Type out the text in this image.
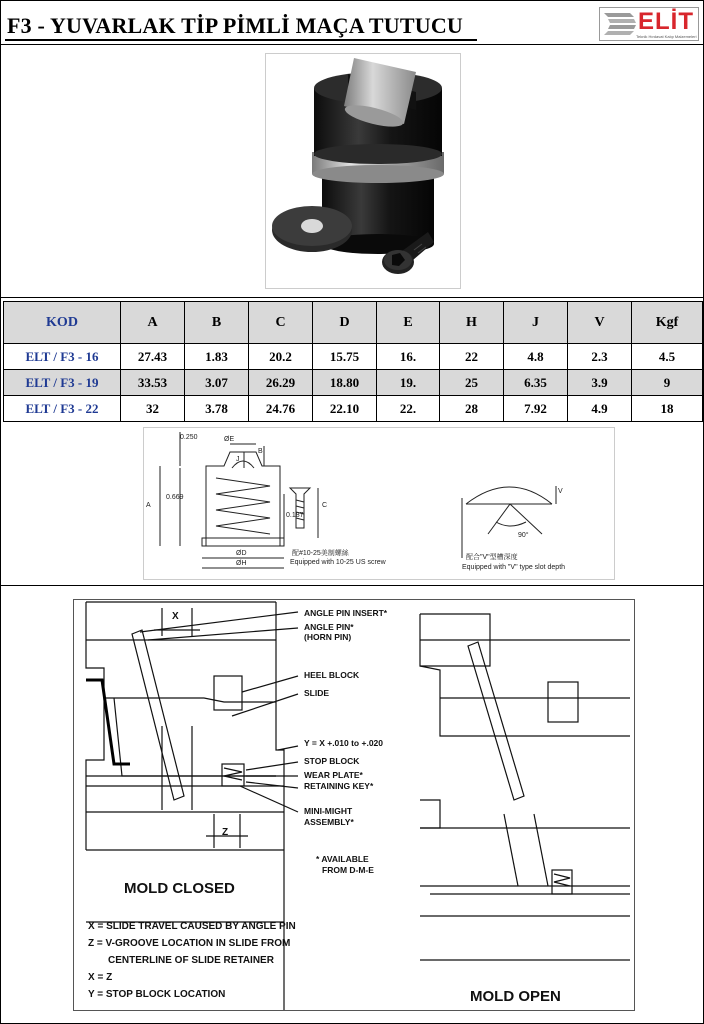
F3 - YUVARLAK TİP PİMLİ MAÇA TUTUCU	ELİT
Teknik Hırdavat Kalıp Malzemeleri
KOD	A	B	C	D	E	H	J	V	Kgf
ELT / F3 - 16	27.43	1.83	20.2	15.75	16.	22	4.8	2.3	4.5
ELT / F3 - 19	33.53	3.07	26.29	18.80	19.	25	6.35	3.9	9
ELT / F3 - 22	32	3.78	24.76	22.10	22.	28	7.92	4.9	18
0.250	ØE
B
A
0.669
J
0.187
C
ØD
ØH
配#10-25美制螺絲
Equipped with 10-25 US screw
V
90°
配合"V"型槽深度
Equipped with "V" type slot depth
X
Z
ANGLE PIN INSERT*
ANGLE PIN*
(HORN PIN)
HEEL BLOCK
SLIDE
Y = X +.010 to +.020
STOP BLOCK
WEAR PLATE*
RETAINING KEY*
MINI-MIGHT
ASSEMBLY*
* AVAILABLE
FROM D-M-E
MOLD CLOSED
MOLD OPEN
X = SLIDE TRAVEL CAUSED BY ANGLE PIN
Z = V-GROOVE LOCATION IN SLIDE FROM
CENTERLINE OF SLIDE RETAINER
X = Z
Y = STOP BLOCK LOCATION
